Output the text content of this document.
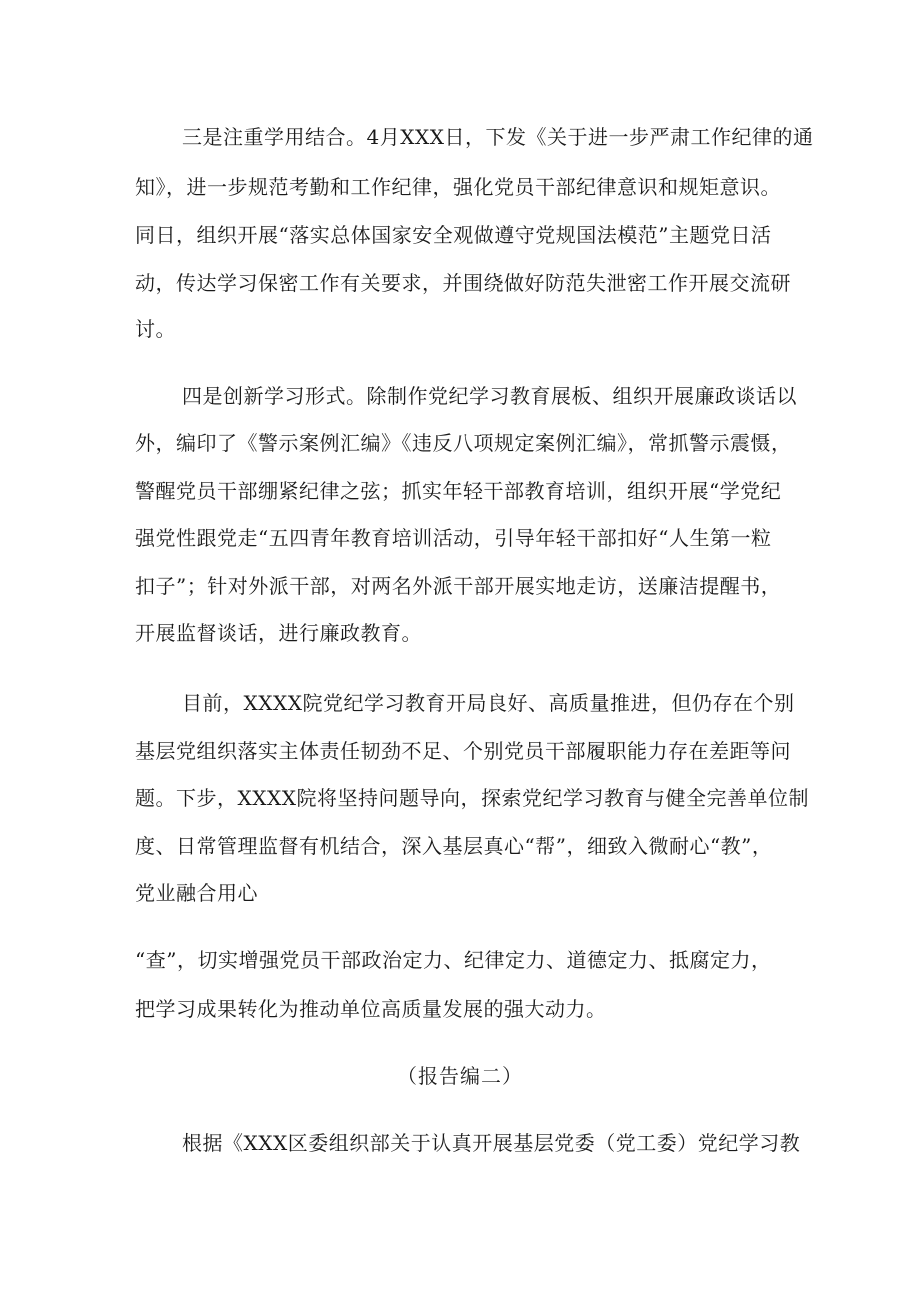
三是注重学用结合。4月XXX日，下发《关于进一步严肃工作纪律的通
知》，进一步规范考勤和工作纪律，强化党员干部纪律意识和规矩意识。
同日，组织开展“落实总体国家安全观做遵守党规国法模范”主题党日活
动，传达学习保密工作有关要求，并围绕做好防范失泄密工作开展交流研
讨。
四是创新学习形式。除制作党纪学习教育展板、组织开展廉政谈话以
外，编印了《警示案例汇编》《违反八项规定案例汇编》，常抓警示震慑，
警醒党员干部绷紧纪律之弦；抓实年轻干部教育培训，组织开展“学党纪
强党性跟党走“五四青年教育培训活动，引导年轻干部扣好“人生第一粒
扣子”；针对外派干部，对两名外派干部开展实地走访，送廉洁提醒书，
开展监督谈话，进行廉政教育。
目前，XXXX院党纪学习教育开局良好、高质量推进，但仍存在个别
基层党组织落实主体责任韧劲不足、个别党员干部履职能力存在差距等问
题。下步，XXXX院将坚持问题导向，探索党纪学习教育与健全完善单位制
度、日常管理监督有机结合，深入基层真心“帮”，细致入微耐心“教”，
党业融合用心
“查”，切实增强党员干部政治定力、纪律定力、道德定力、抵腐定力，
把学习成果转化为推动单位高质量发展的强大动力。
（报告编二）
根据《XXX区委组织部关于认真开展基层党委（党工委）党纪学习教
